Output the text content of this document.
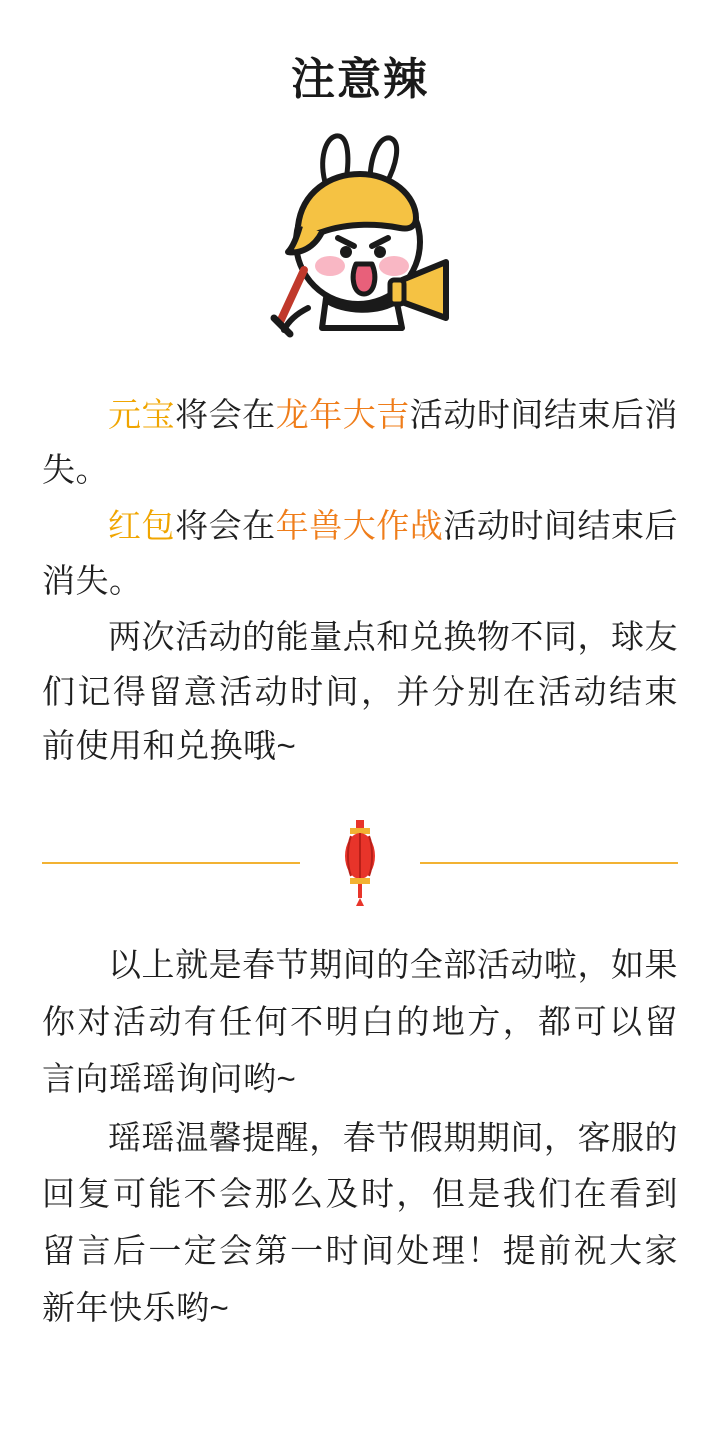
注意辣

元宝将会在龙年大吉活动时间结束后消失。

红包将会在年兽大作战活动时间结束后消失。

两次活动的能量点和兑换物不同，球友们记得留意活动时间，并分别在活动结束前使用和兑换哦~

以上就是春节期间的全部活动啦，如果你对活动有任何不明白的地方，都可以留言向瑶瑶询问哟~

瑶瑶温馨提醒，春节假期期间，客服的回复可能不会那么及时，但是我们在看到留言后一定会第一时间处理！提前祝大家新年快乐哟~
